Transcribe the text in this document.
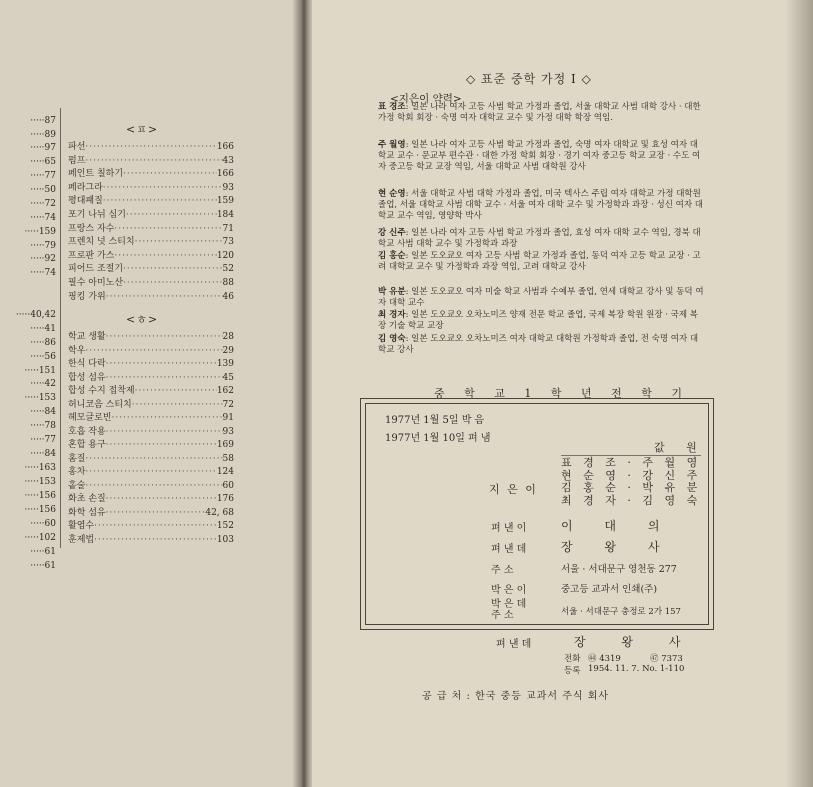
·····87
·····89
·····97
·····65
·····77
·····50
·····72
·····74
·····159
·····79
·····92
·····74
·····40,42
·····41
·····86
·····56
·····151
·····42
·····153
·····84
·····78
·····77
·····84
·····163
·····153
·····156
·····156
·····60
·····102
·····61
·····61
<ㅍ>
파선 ·····	166
펌프 ·····	43
페인트 칠하기 ·····	166
페라그라 ·····	93
평대패질 ·····	159
포기 나뉘 심기 ·····	184
프랑스 자수 ·····	71
프렌치 넛 스티치 ·····	73
프로판 가스 ·····	120
피어드 조절기 ·····	52
필수 아미노산 ·····	88
핑킹 가위 ·····	46
<ㅎ>
학교 생활 ·····	28
학우 ·····	29
한식 다락 ·····	139
합성 섬유 ·····	45
합성 수지 접착제 ·····	162
허니코음 스티치 ·····	72
헤모글로빈 ·····	91
호흡 작용 ·····	93
혼합 용구 ·····	169
홈질 ·····	58
홍차 ·····	124
홑술 ·····	60
화초 손질 ·····	176
화학 섬유 ·····	42, 68
활엽수 ·····	152
훈제법 ·····	103
◇ 표준 중학 가정 Ⅰ ◇
<지은이 약력>
표 경조: 일본 나라 여자 고등 사범 학교 가정과 졸업, 서울 대학교 사범 대학 강사 · 대한 가정 학회 회장 · 숙명 여자 대학교 교수 및 가정 대학 학장 역임.
주 월영: 일본 나라 여자 고등 사범 학교 가정과 졸업, 숙명 여자 대학교 및 효성 여자 대학교 교수 · 문교부 편수관 · 대한 가정 학회 회장 · 경기 여자 중고등 학교 교장 · 수도 여자 중고등 학교 교장 역임, 서울 대학교 사범 대학원 강사
현 순영: 서울 대학교 사범 대학 가정과 졸업, 미국 텍사스 주립 여자 대학교 가정 대학원 졸업, 서울 대학교 사범 대학 교수 · 서울 여자 대학 교수 및 가정학과 과장 · 성신 여자 대학교 교수 역임, 영양학 박사
강 신주: 일본 나라 여자 고등 사범 학교 가정과 졸업, 효성 여자 대학 교수 역임, 경북 대학교 사범 대학 교수 및 가정학과 과장
김 홍순: 일본 도오쿄오 여자 고등 사범 학교 가정과 졸업, 동덕 여자 고등 학교 교장 · 고려 대학교 교수 및 가정학과 과장 역임, 고려 대학교 강사
박 유분: 일본 도오쿄오 여자 미술 학교 사범과 수예부 졸업, 연세 대학교 강사 및 동덕 여자 대학 교수
최 경자: 일본 도오쿄오 오차노미즈 양재 전문 학교 졸업, 국제 복장 학원 원장 · 국제 복장 기술 학교 교장
김 영숙: 일본 도오쿄오 오차노미즈 여자 대학교 대학원 가정학과 졸업, 전 숙명 여자 대학교 강사
중 학 교 1 학 년 전 학 기
1977년 1월 5일 박 음
1977년 1월 10일 펴 냄
값 원
지 은 이
표 경 조 · 주 월 영
현 순 영 · 강 신 주
김 홍 순 · 박 유 분
최 경 자 · 김 영 숙
펴 낸 이	이 대 의
펴 낸 데	장 왕 사
주 소	서울 · 서대문구 영천동 277
박 은 이	중고등 교과서 인쇄(주)
박 은 데
주 소	서울 · 서대문구 충정로 2가 157
펴 낸 데	장 왕 사
전화 ㊹ 4319	㊼ 7373
등록 1954. 11. 7. No. 1-110
공 급 처 : 한국 중등 교과서 주식 회사
